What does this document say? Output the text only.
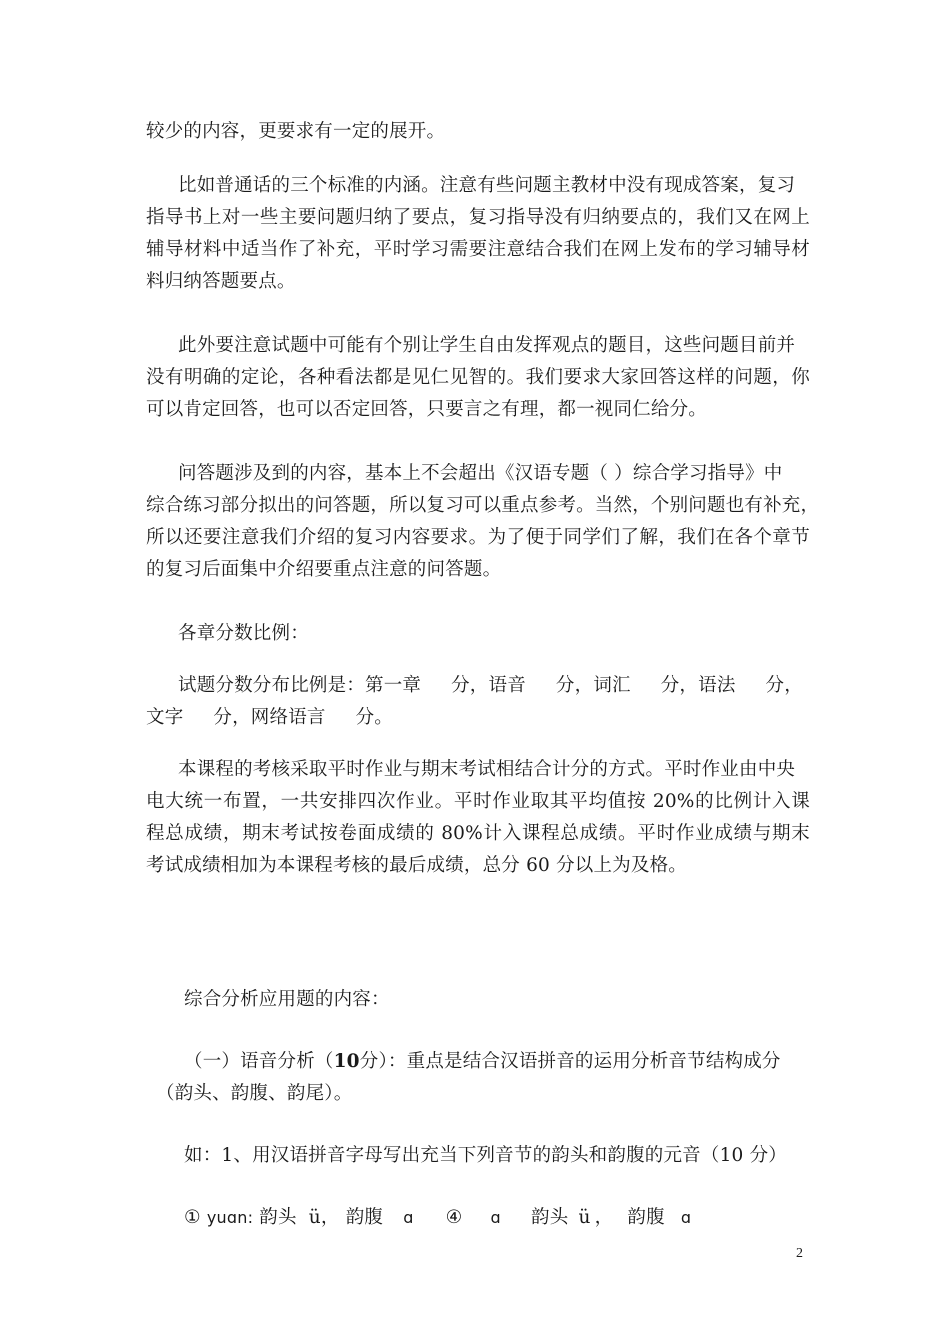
较少的内容，更要求有一定的展开。
比如普通话的三个标准的内涵。注意有些问题主教材中没有现成答案，复习
指导书上对一些主要问题归纳了要点，复习指导没有归纳要点的，我们又在网上
辅导材料中适当作了补充，平时学习需要注意结合我们在网上发布的学习辅导材
料归纳答题要点。
此外要注意试题中可能有个别让学生自由发挥观点的题目，这些问题目前并
没有明确的定论，各种看法都是见仁见智的。我们要求大家回答这样的问题，你
可以肯定回答，也可以否定回答，只要言之有理，都一视同仁给分。
问答题涉及到的内容，基本上不会超出《汉语专题（ ）综合学习指导》中
综合练习部分拟出的问答题，所以复习可以重点参考。当然，个别问题也有补充，
所以还要注意我们介绍的复习内容要求。为了便于同学们了解，我们在各个章节
的复习后面集中介绍要重点注意的问答题。
各章分数比例：
试题分数分布比例是：第一章 分，语音 分，词汇 分，语法 分，
文字 分，网络语言 分。
本课程的考核采取平时作业与期末考试相结合计分的方式。平时作业由中央
电大统一布置，一共安排四次作业。平时作业取其平均值按 20%的比例计入课
程总成绩，期末考试按卷面成绩的 80%计入课程总成绩。平时作业成绩与期末
考试成绩相加为本课程考核的最后成绩，总分 60 分以上为及格。
综合分析应用题的内容：
（一）语音分析（10分）：重点是结合汉语拼音的运用分析音节结构成分
（韵头、韵腹、韵尾）。
如：1、用汉语拼音字母写出充当下列音节的韵头和韵腹的元音（10 分）
① yuɑn: 韵头 ü， 韵腹 ɑ ④ ɑ 韵头 ü ， 韵腹 ɑ
2
